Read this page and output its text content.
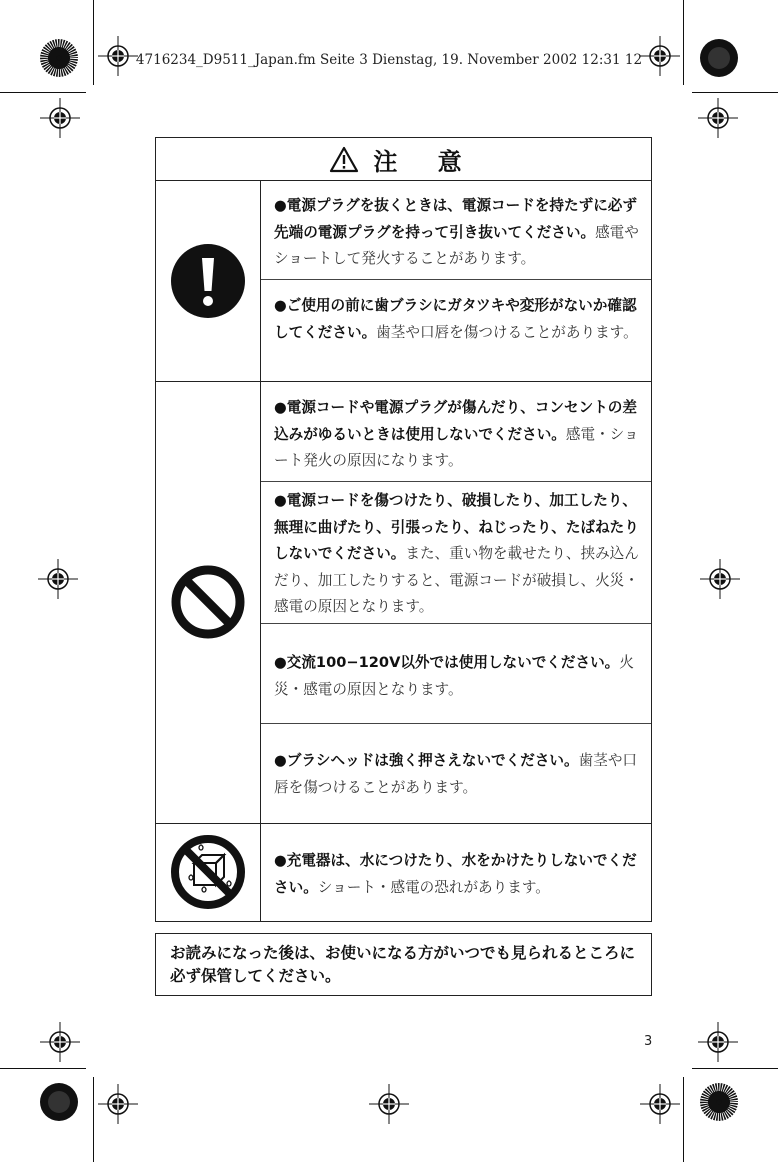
4716234_D9511_Japan.fm Seite 3 Dienstag, 19. November 2002 12:31 12
注 意
●電源プラグを抜くときは、電源コードを持たずに必ず先端の電源プラグを持って引き抜いてください。感電やショートして発火することがあります。
●ご使用の前に歯ブラシにガタツキや変形がないか確認してください。歯茎や口唇を傷つけることがあります。
●電源コードや電源プラグが傷んだり、コンセントの差込みがゆるいときは使用しないでください。感電・ショート発火の原因になります。
●電源コードを傷つけたり、破損したり、加工したり、無理に曲げたり、引張ったり、ねじったり、たばねたりしないでください。また、重い物を載せたり、挟み込んだり、加工したりすると、電源コードが破損し、火災・感電の原因となります。
●交流100−120V以外では使用しないでください。火災・感電の原因となります。
●ブラシヘッドは強く押さえないでください。歯茎や口唇を傷つけることがあります。
●充電器は、水につけたり、水をかけたりしないでください。ショート・感電の恐れがあります。
お読みになった後は、お使いになる方がいつでも見られるところに必ず保管してください。
3
